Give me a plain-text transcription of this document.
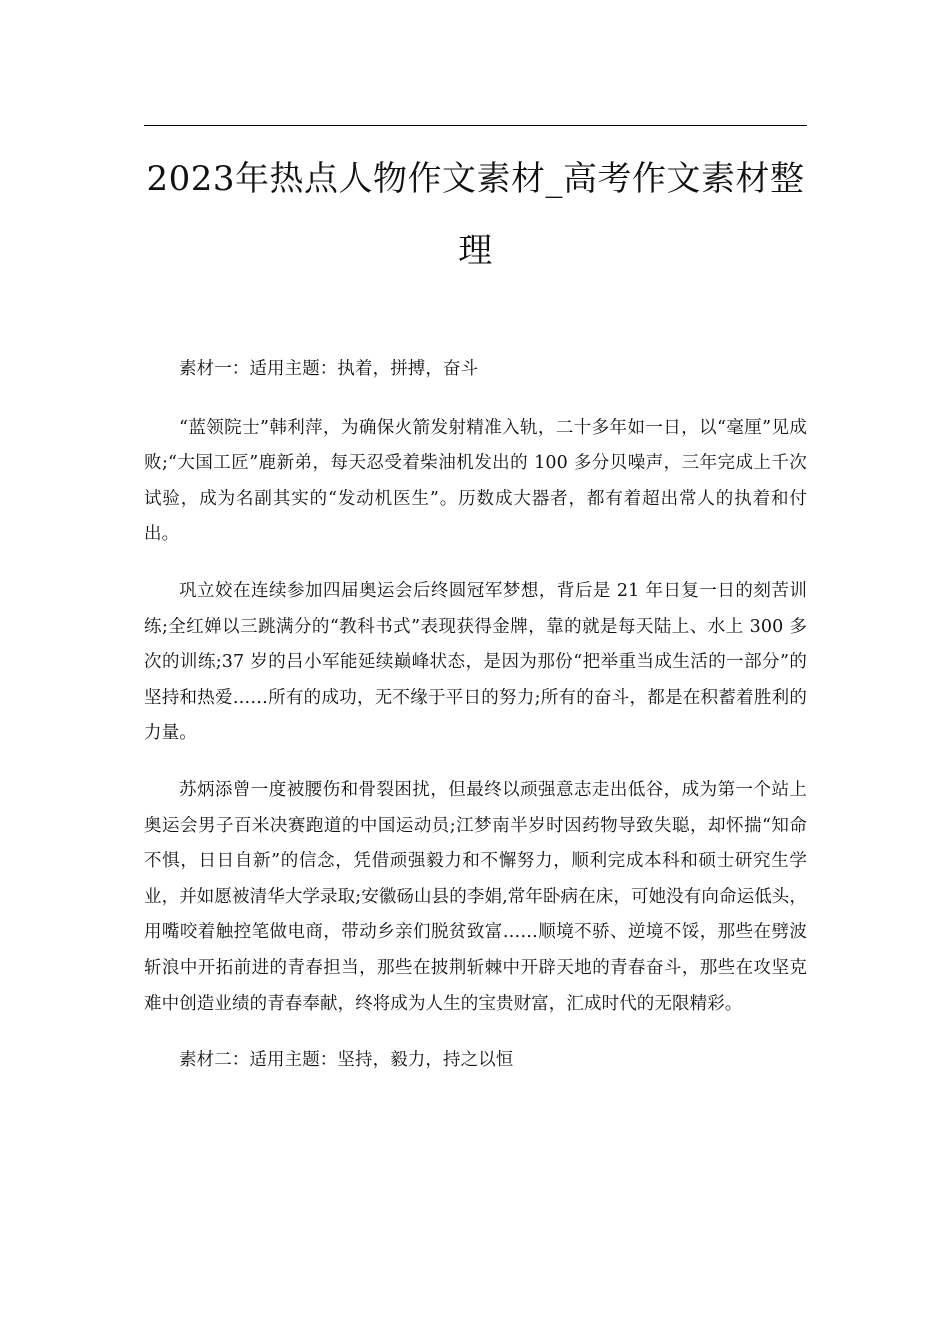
2023年热点人物作文素材_高考作文素材整理

素材一：适用主题：执着，拼搏，奋斗

“蓝领院士”韩利萍，为确保火箭发射精准入轨，二十多年如一日，以“毫厘”见成败;“大国工匠”鹿新弟，每天忍受着柴油机发出的 100 多分贝噪声，三年完成上千次试验，成为名副其实的“发动机医生”。历数成大器者，都有着超出常人的执着和付出。

巩立姣在连续参加四届奥运会后终圆冠军梦想，背后是 21 年日复一日的刻苦训练;全红婵以三跳满分的“教科书式”表现获得金牌，靠的就是每天陆上、水上 300 多次的训练;37 岁的吕小军能延续巅峰状态，是因为那份“把举重当成生活的一部分”的坚持和热爱……所有的成功，无不缘于平日的努力;所有的奋斗，都是在积蓄着胜利的力量。

苏炳添曾一度被腰伤和骨裂困扰，但最终以顽强意志走出低谷，成为第一个站上奥运会男子百米决赛跑道的中国运动员;江梦南半岁时因药物导致失聪，却怀揣“知命不惧，日日自新”的信念，凭借顽强毅力和不懈努力，顺利完成本科和硕士研究生学业，并如愿被清华大学录取;安徽砀山县的李娟,常年卧病在床，可她没有向命运低头，用嘴咬着触控笔做电商，带动乡亲们脱贫致富……顺境不骄、逆境不馁，那些在劈波斩浪中开拓前进的青春担当，那些在披荆斩棘中开辟天地的青春奋斗，那些在攻坚克难中创造业绩的青春奉献，终将成为人生的宝贵财富，汇成时代的无限精彩。

素材二：适用主题：坚持，毅力，持之以恒
